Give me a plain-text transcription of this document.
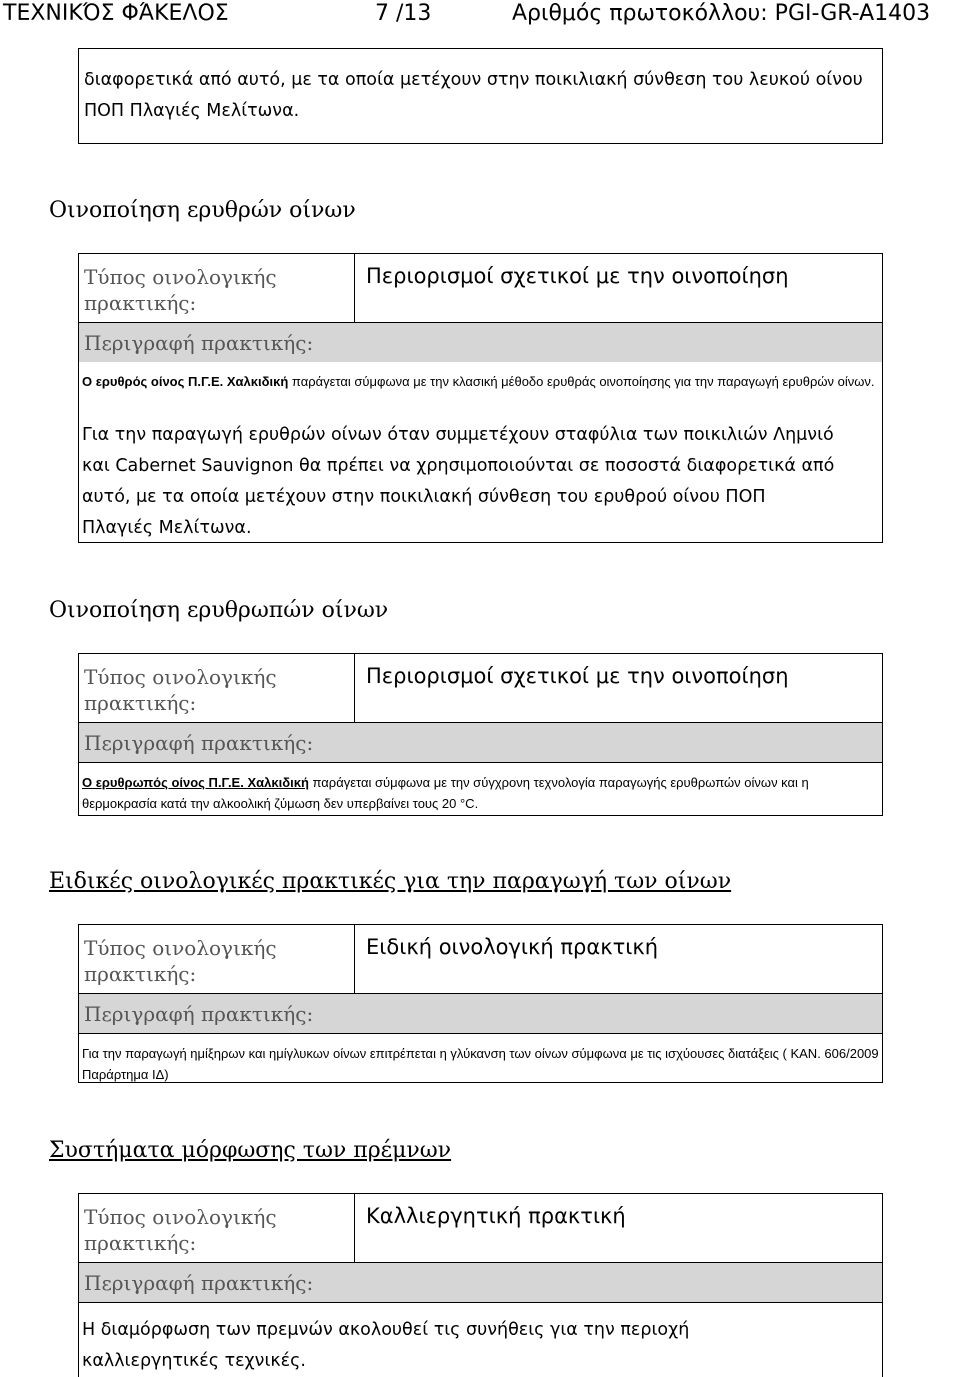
ΤΕΧΝΙΚΌΣ ΦΆΚΕΛΟΣ	7 /13	Αριθμός πρωτοκόλλου: PGI-GR-A1403
διαφορετικά από αυτό, με τα οποία μετέχουν στην ποικιλιακή σύνθεση του λευκού οίνου ΠΟΠ Πλαγιές Μελίτωνα.
Οινοποίηση ερυθρών οίνων
Τύπος οινολογικής πρακτικής:
Περιορισμοί σχετικοί με την οινοποίηση
Περιγραφή πρακτικής:
Ο ερυθρός οίνος Π.Γ.Ε. Χαλκιδική παράγεται σύμφωνα με την κλασική μέθοδο ερυθράς οινοποίησης για την παραγωγή ερυθρών οίνων.
Για την παραγωγή ερυθρών οίνων όταν συμμετέχουν σταφύλια των ποικιλιών Λημνιό και Cabernet Sauvignon θα πρέπει να χρησιμοποιούνται σε ποσοστά διαφορετικά από αυτό, με τα οποία μετέχουν στην ποικιλιακή σύνθεση του ερυθρού οίνου ΠΟΠ Πλαγιές Μελίτωνα.
Οινοποίηση ερυθρωπών οίνων
Τύπος οινολογικής πρακτικής:
Περιορισμοί σχετικοί με την οινοποίηση
Περιγραφή πρακτικής:
Ο ερυθρωπός οίνος Π.Γ.Ε. Χαλκιδική παράγεται σύμφωνα με την σύγχρονη τεχνολογία παραγωγής ερυθρωπών οίνων και η θερμοκρασία κατά την αλκοολική ζύμωση δεν υπερβαίνει τους 20 °C.
Ειδικές οινολογικές πρακτικές για την παραγωγή των οίνων
Τύπος οινολογικής πρακτικής:
Ειδική οινολογική πρακτική
Περιγραφή πρακτικής:
Για την παραγωγή ημίξηρων και ημίγλυκων οίνων επιτρέπεται η γλύκανση των οίνων σύμφωνα με τις ισχύουσες διατάξεις ( ΚΑΝ. 606/2009 Παράρτημα ΙΔ)
Συστήματα μόρφωσης των πρέμνων
Τύπος οινολογικής πρακτικής:
Καλλιεργητική πρακτική
Περιγραφή πρακτικής:
Η διαμόρφωση των πρεμνών ακολουθεί τις συνήθεις για την περιοχή καλλιεργητικές τεχνικές.
